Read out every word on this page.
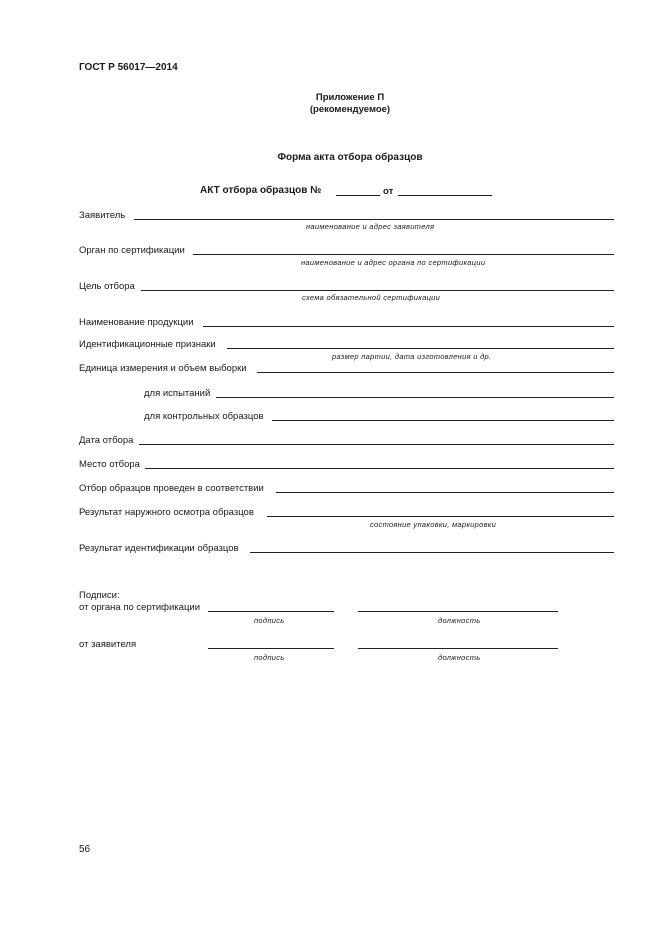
ГОСТ Р 56017—2014
Приложение П
(рекомендуемое)
Форма акта отбора образцов
АКТ отбора образцов №	от
Заявитель
наименование и адрес заявителя
Орган по сертификации
наименование и адрес органа по сертификации
Цель отбора
схема обязательной сертификации
Наименование продукции
Идентификационные признаки
размер партии, дата изготовления и др.
Единица измерения и объем выборки
для испытаний
для контрольных образцов
Дата отбора
Место отбора
Отбор образцов проведен в соответствии
Результат наружного осмотра образцов
состояние упаковки, маркировки
Результат идентификации образцов
Подписи:
от органа по сертификации
подпись	должность
от заявителя
подпись	должность
56
